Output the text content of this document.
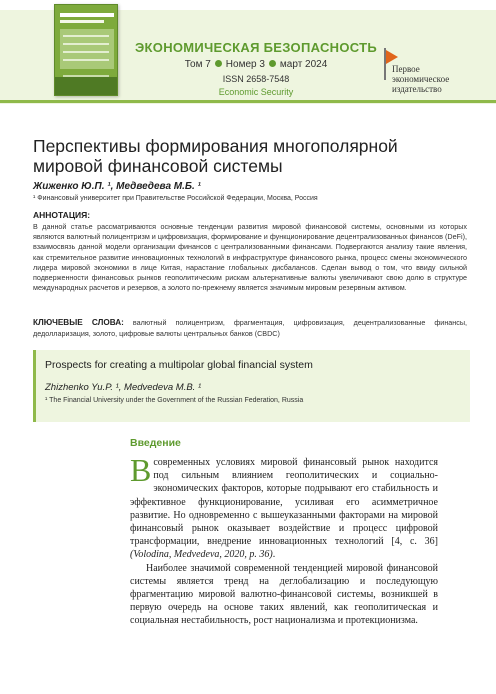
ЭКОНОМИЧЕСКАЯ БЕЗОПАСНОСТЬ
Том 7 Номер 3 март 2024
ISSN 2658-7548
Economic Security
Первое
экономическое
издательство
Перспективы формирования многополярной
мировой финансовой системы
Жиженко Ю.П. ¹, Медведева М.Б. ¹
¹ Финансовый университет при Правительстве Российской Федерации, Москва, Россия
АННОТАЦИЯ:
В данной статье рассматриваются основные тенденции развития мировой финансовой системы, основными из которых являются валютный полицентризм и цифровизация, формирование и функционирование децентрализованных финансов (DeFi), взаимосвязь данной модели организации финансов с централизованными финансами. Подвергаются анализу такие явления, как стремительное развитие инновационных технологий в инфраструктуре финансового рынка, процесс смены экономического лидера мировой экономики в лице Китая, нарастание глобальных дисбалансов. Сделан вывод о том, что ввиду сильной подверженности финансовых рынков геополитическим рискам альтернативные валюты увеличивают свою долю в структуре международных расчетов и резервов, а золото по-прежнему является значимым мировым резервным активом.
КЛЮЧЕВЫЕ СЛОВА: валютный полицентризм, фрагментация, цифровизация, децентрализованные финансы, дедолларизация, золото, цифровые валюты центральных банков (CBDC)
Prospects for creating a multipolar global financial system
Zhizhenko Yu.P. ¹, Medvedeva M.B. ¹
¹ The Financial University under the Government of the Russian Federation, Russia
Введение
В современных условиях мировой финансовый рынок находится под сильным влиянием геополитических и социально-экономических факторов, которые подрывают его стабильность и эффективное функционирование, усиливая его асимметричное развитие. Но одновременно с вышеуказанными факторами на мировой финансовый рынок оказывает воздействие и процесс цифровой трансформации, внедрение инновационных технологий [4, с. 36] (Volodina, Medvedeva, 2020, p. 36).
Наиболее значимой современной тенденцией мировой финансовой системы является тренд на деглобализацию и последующую фрагментацию мировой валютно-финансовой системы, возникшей в первую очередь на основе таких явлений, как геополитическая и социальная нестабильность, рост национализма и протекционизма.
